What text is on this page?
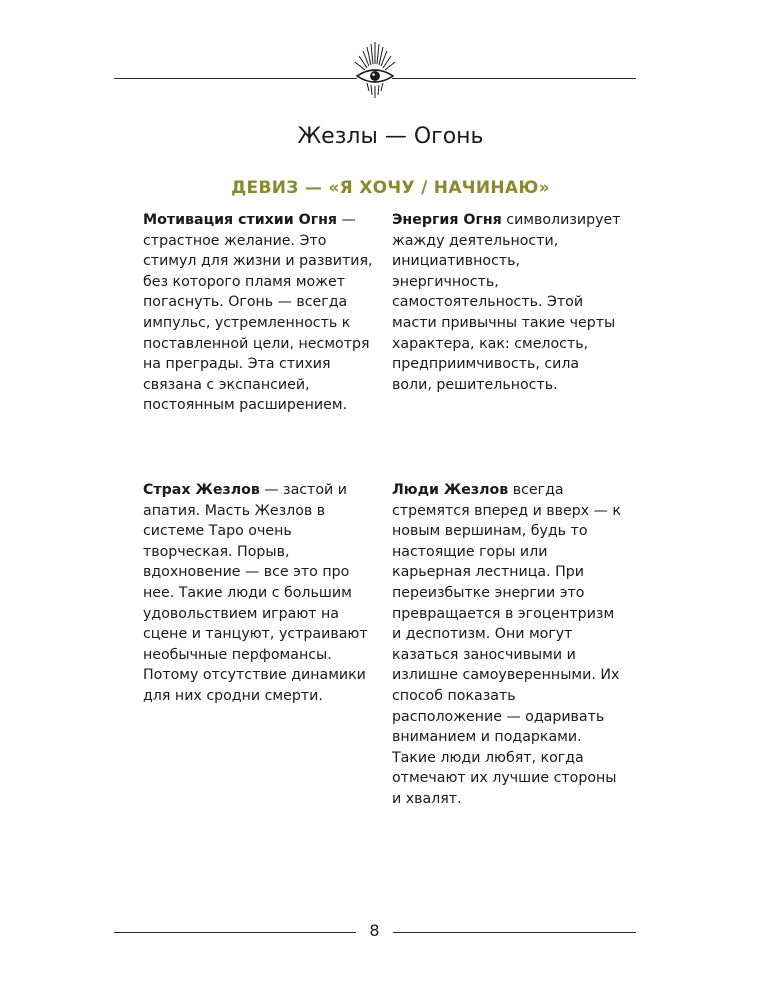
Жезлы — Огонь
ДЕВИЗ — «Я ХОЧУ / НАЧИНАЮ»
Мотивация стихии Огня — страстное желание. Это стимул для жизни и развития, без которого пламя может погаснуть. Огонь — всегда импульс, устремленность к поставленной цели, несмотря на преграды. Эта стихия связана с экспансией, постоянным расширением.
Энергия Огня символизирует жажду деятельности, инициативность, энергичность, самостоятельность. Этой масти привычны такие черты характера, как: смелость, предприимчивость, сила воли, решительность.
Страх Жезлов — застой и апатия. Масть Жезлов в системе Таро очень творческая. Порыв, вдохновение — все это про нее. Такие люди с большим удовольствием играют на сцене и танцуют, устраивают необычные перфомансы. Потому отсутствие динамики для них сродни смерти.
Люди Жезлов всегда стремятся вперед и вверх — к новым вершинам, будь то настоящие горы или карьерная лестница. При переизбытке энергии это превращается в эгоцентризм и деспотизм. Они могут казаться заносчивыми и излишне самоуверенными. Их способ показать расположение — одаривать вниманием и подарками. Такие люди любят, когда отмечают их лучшие стороны и хвалят.
8
